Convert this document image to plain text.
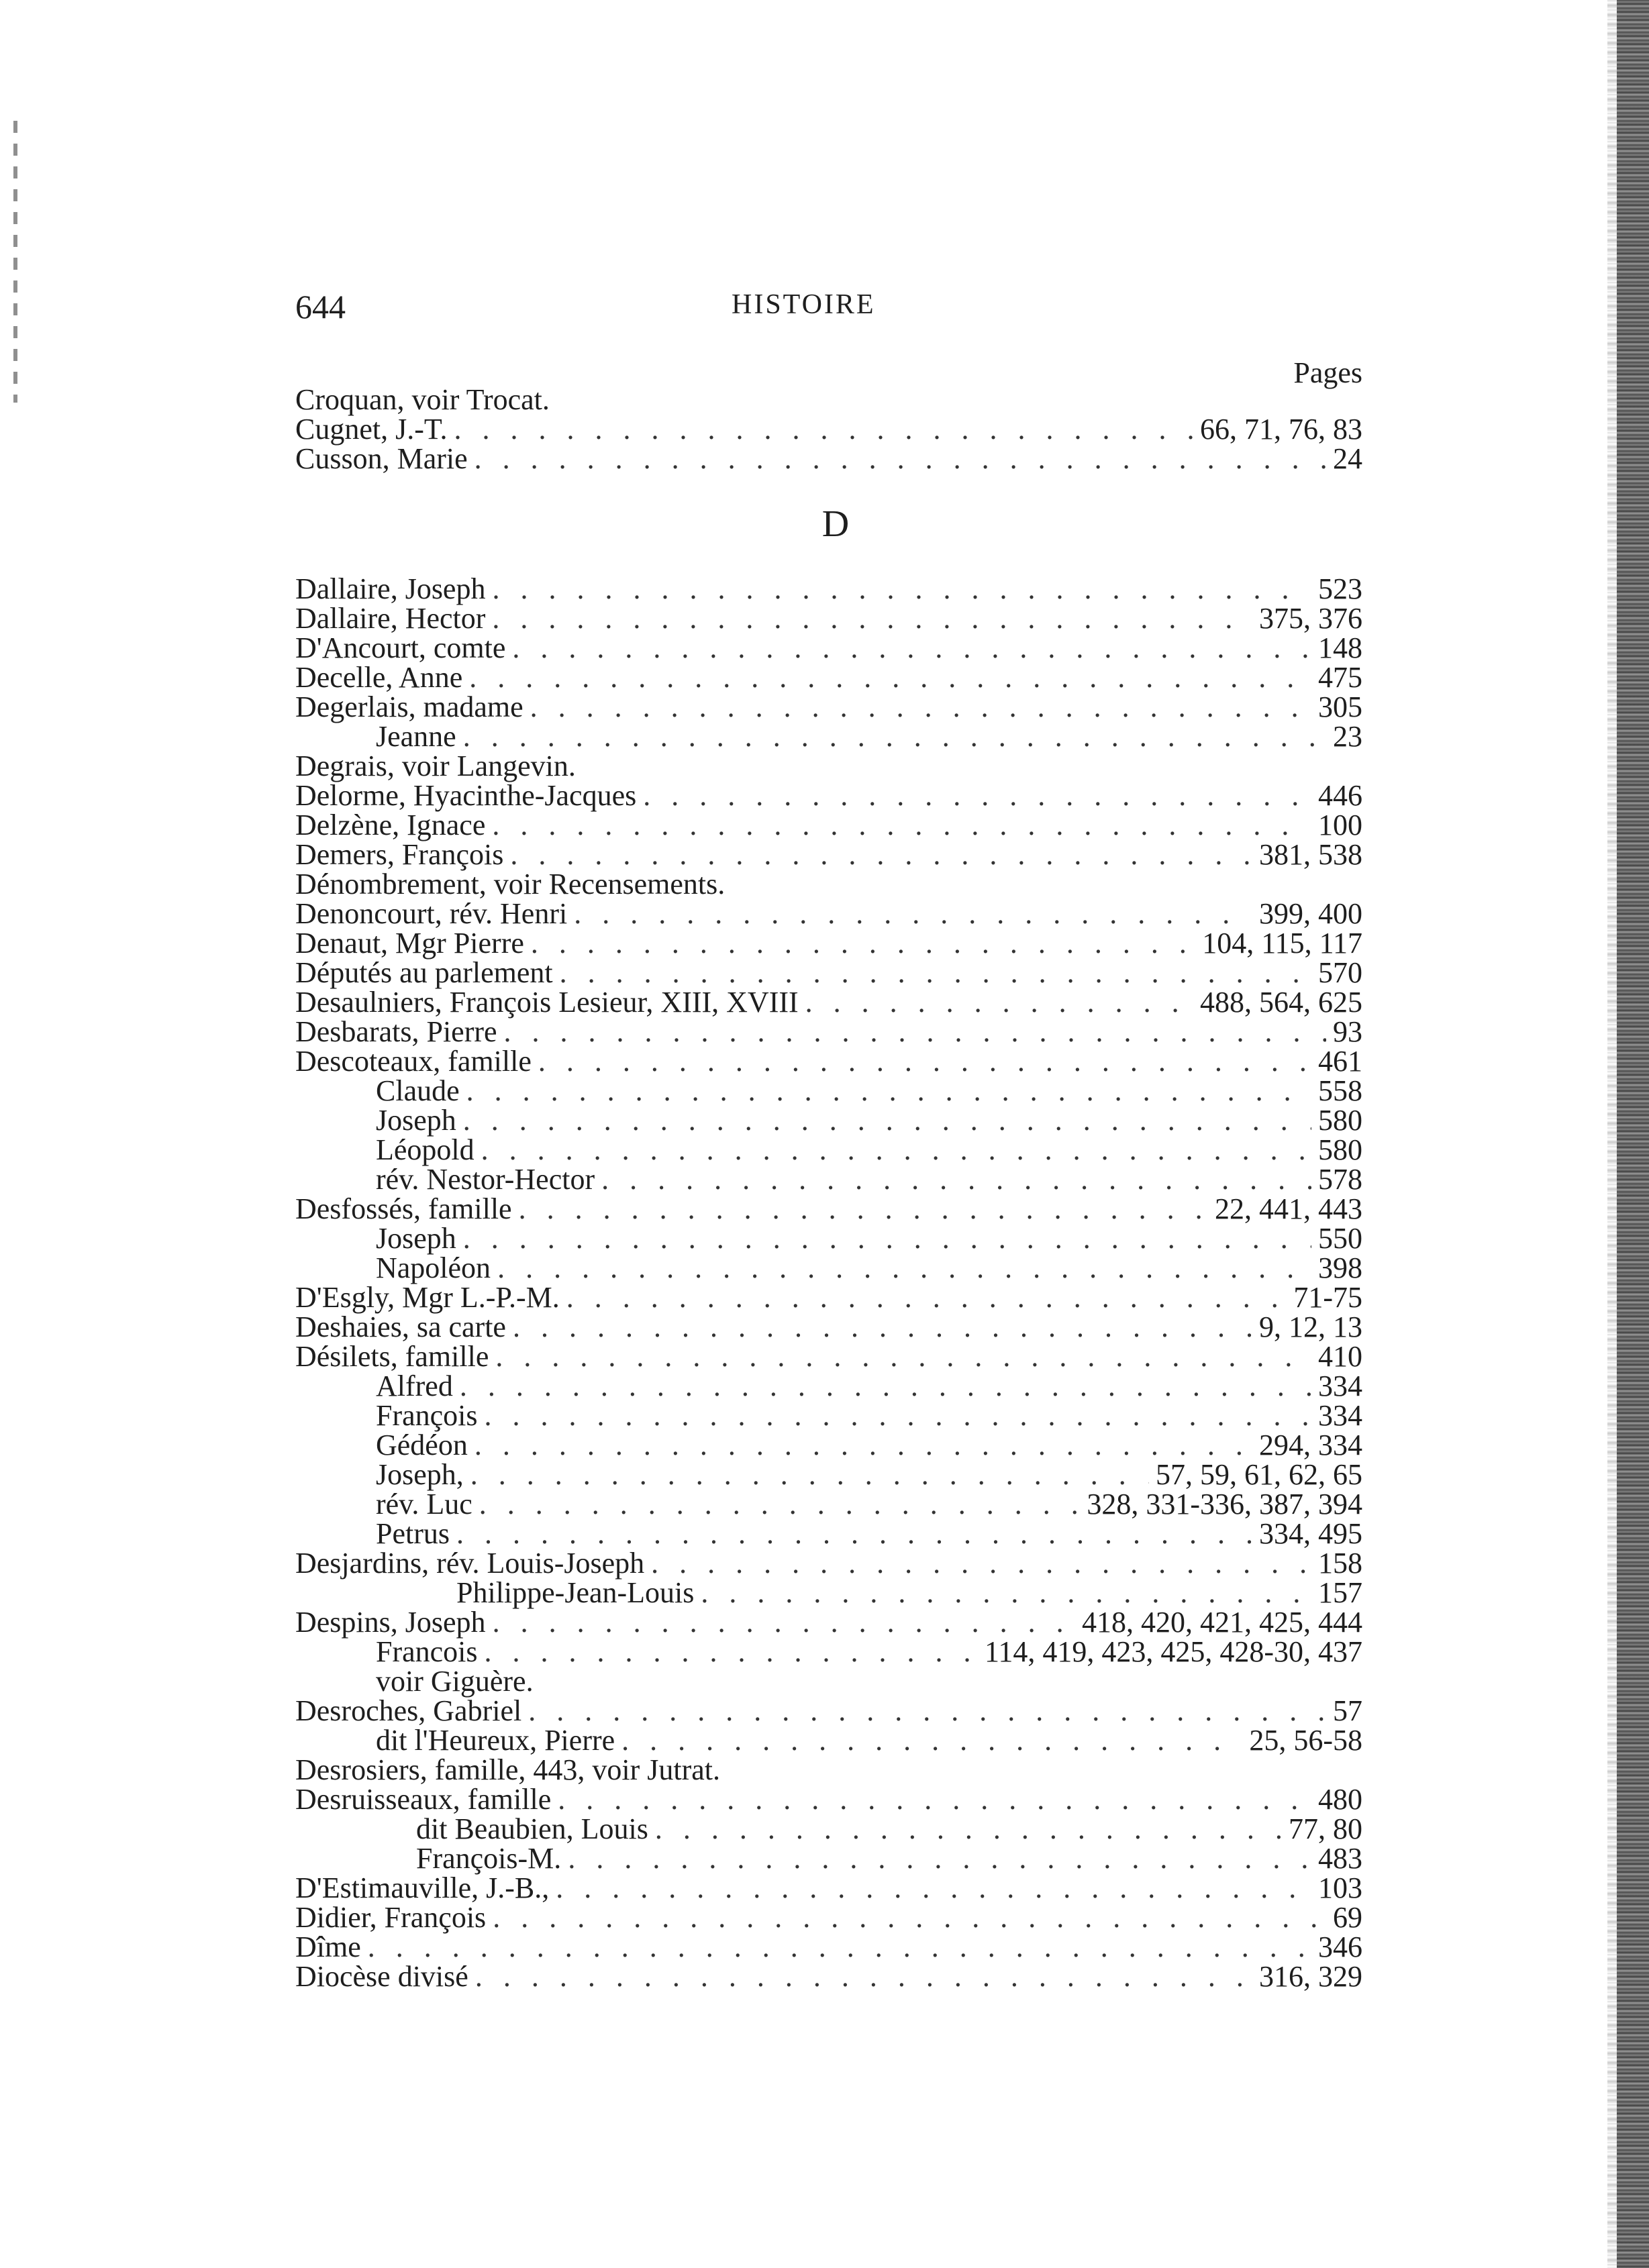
644	HISTOIRE
Pages
Croquan, voir Trocat.
Cugnet, J.-T. . . .	66, 71, 76, 83
Cusson, Marie . . .	24
D
Dallaire, Joseph . . .	523
Dallaire, Hector . . .	375, 376
D'Ancourt, comte . . .	148
Decelle, Anne . . .	475
Degerlais, madame . . .	305
Jeanne . . .	23
Degrais, voir Langevin.
Delorme, Hyacinthe-Jacques . . .	446
Delzène, Ignace . . .	100
Demers, François . . .	381, 538
Dénombrement, voir Recensements.
Denoncourt, rév. Henri . . .	399, 400
Denaut, Mgr Pierre . . .	104, 115, 117
Députés au parlement . . .	570
Desaulniers, François Lesieur, XIII, XVIII . . .	488, 564, 625
Desbarats, Pierre . . .	93
Descoteaux, famille . . .	461
Claude . . .	558
Joseph . . .	580
Léopold . . .	580
rév. Nestor-Hector . . .	578
Desfossés, famille . . .	22, 441, 443
Joseph . . .	550
Napoléon . . .	398
D'Esgly, Mgr L.-P.-M. . . .	71-75
Deshaies, sa carte . . .	9, 12, 13
Désilets, famille . . .	410
Alfred . . .	334
François . . .	334
Gédéon . . .	294, 334
Joseph, . . .	57, 59, 61, 62, 65
rév. Luc . . .	328, 331-336, 387, 394
Petrus . . .	334, 495
Desjardins, rév. Louis-Joseph . . .	158
Philippe-Jean-Louis . . .	157
Despins, Joseph . . .	418, 420, 421, 425, 444
Francois . . .	114, 419, 423, 425, 428-30, 437
voir Giguère.
Desroches, Gabriel . . .	57
dit l'Heureux, Pierre . . .	25, 56-58
Desrosiers, famille, 443, voir Jutrat.
Desruisseaux, famille . . .	480
dit Beaubien, Louis . . .	77, 80
François-M. . . .	483
D'Estimauville, J.-B., . . .	103
Didier, François . . .	69
Dîme . . .	346
Diocèse divisé . . .	316, 329
